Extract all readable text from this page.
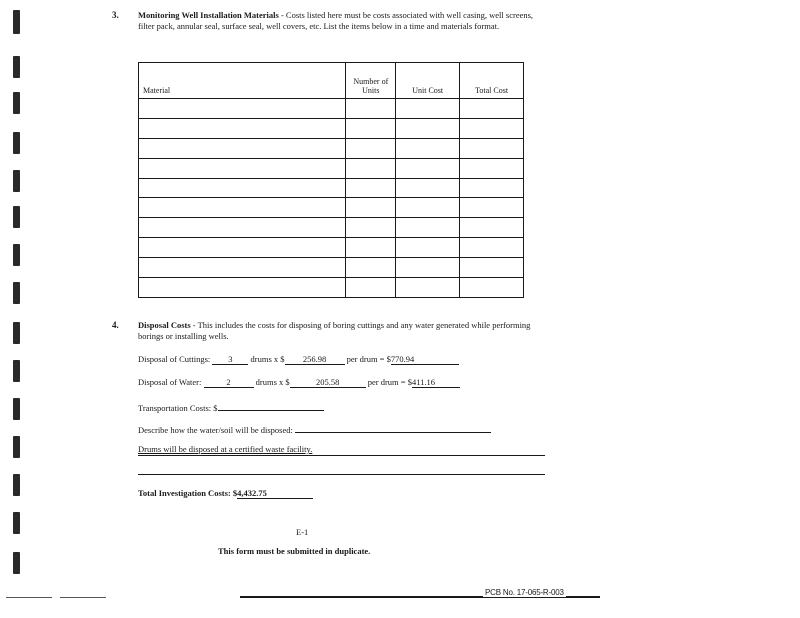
3. Monitoring Well Installation Materials - Costs listed here must be costs associated with well casing, well screens, filter pack, annular seal, surface seal, well covers, etc. List the items below in a time and materials format.
Material	Number of Units	Unit Cost	Total Cost

4. Disposal Costs - This includes the costs for disposing of boring cuttings and any water generated while performing borings or installing wells.
Disposal of Cuttings: 3 drums x $ 256.98 per drum = $770.94
Disposal of Water:	2	drums x $	205.58	per drum = $411.16
Transportation Costs: $
Describe how the water/soil will be disposed:
Drums will be disposed at a certified waste facility.
Total Investigation Costs: $4,432.75
E-1
This form must be submitted in duplicate.
PCB No. 17-065-R-003
